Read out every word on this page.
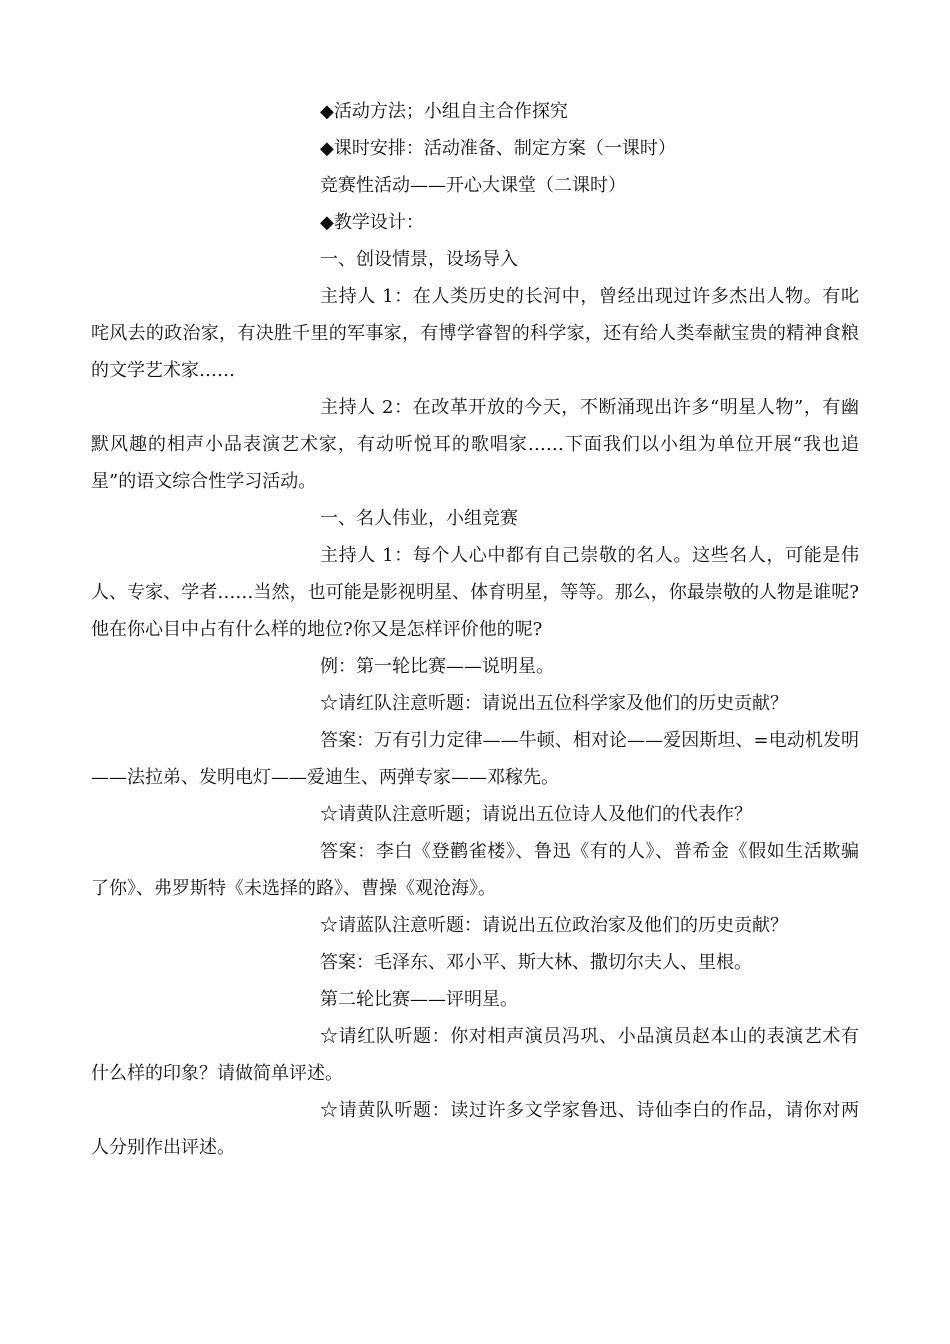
◆活动方法；小组自主合作探究

◆课时安排：活动准备、制定方案（一课时）

竞赛性活动——开心大课堂（二课时）

◆教学设计：

一、创设情景，设场导入

主持人 1：在人类历史的长河中，曾经出现过许多杰出人物。有叱咤风去的政治家，有决胜千里的军事家，有博学睿智的科学家，还有给人类奉献宝贵的精神食粮的文学艺术家……

主持人 2：在改革开放的今天，不断涌现出许多“明星人物”，有幽默风趣的相声小品表演艺术家，有动听悦耳的歌唱家……下面我们以小组为单位开展“我也追星”的语文综合性学习活动。

一、名人伟业，小组竞赛

主持人 1：每个人心中都有自己崇敬的名人。这些名人，可能是伟人、专家、学者……当然，也可能是影视明星、体育明星，等等。那么，你最崇敬的人物是谁呢?他在你心目中占有什么样的地位?你又是怎样评价他的呢?

例：第一轮比赛——说明星。

☆请红队注意听题：请说出五位科学家及他们的历史贡献？

答案：万有引力定律——牛顿、相对论——爱因斯坦、=电动机发明——法拉弟、发明电灯——爱迪生、两弹专家——邓稼先。

☆请黄队注意听题；请说出五位诗人及他们的代表作？

答案：李白《登鹳雀楼》、鲁迅《有的人》、普希金《假如生活欺骗了你》、弗罗斯特《未选择的路》、曹操《观沧海》。

☆请蓝队注意听题：请说出五位政治家及他们的历史贡献？

答案：毛泽东、邓小平、斯大林、撒切尔夫人、里根。

第二轮比赛——评明星。

☆请红队听题：你对相声演员冯巩、小品演员赵本山的表演艺术有什么样的印象？请做简单评述。

☆请黄队听题：读过许多文学家鲁迅、诗仙李白的作品，请你对两人分别作出评述。
